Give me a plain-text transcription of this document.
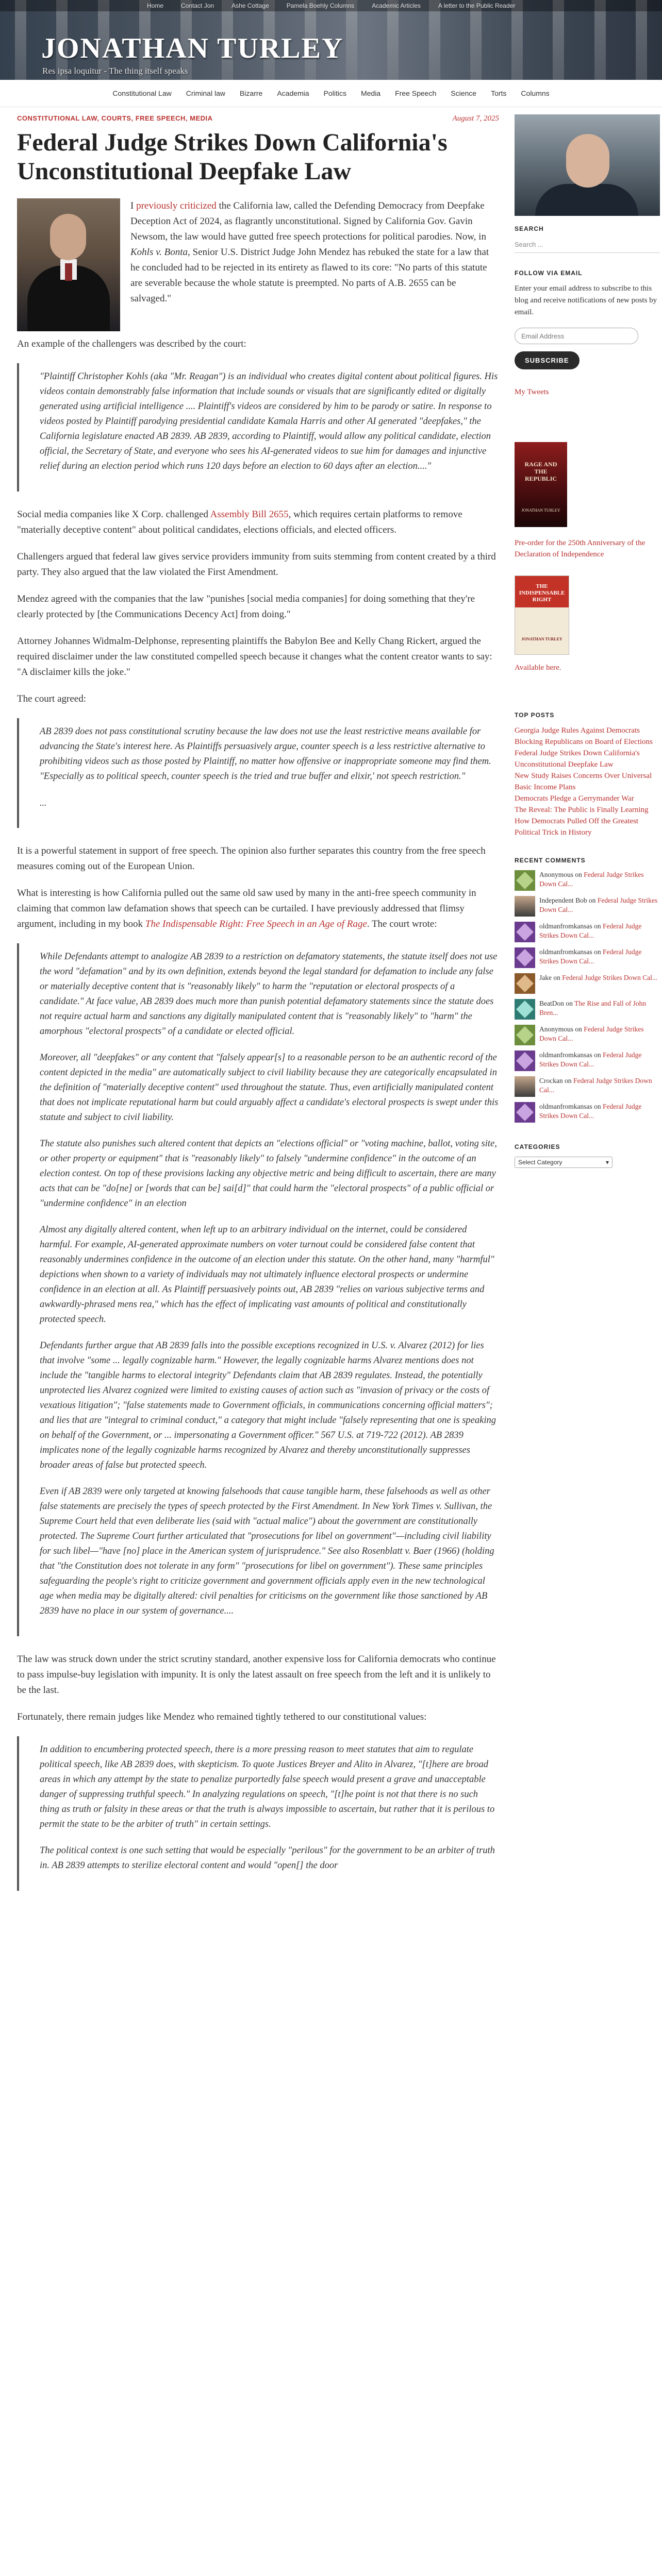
Home	Contact Jon	Ashe Cottage	Pamela Boehly Columns	Academic Articles	A letter to the Public Reader
JONATHAN TURLEY
Res ipsa loquitur - The thing itself speaks
Constitutional Law	Criminal law	Bizarre	Academia	Politics	Media	Free Speech	Science	Torts	Columns
CONSTITUTIONAL LAW, COURTS, FREE SPEECH, MEDIA	August 7, 2025
Federal Judge Strikes Down California's Unconstitutional Deepfake Law

I previously criticized the California law, called the Defending Democracy from Deepfake Deception Act of 2024, as flagrantly unconstitutional. Signed by California Gov. Gavin Newsom, the law would have gutted free speech protections for political parodies. Now, in Kohls v. Bonta, Senior U.S. District Judge John Mendez has rebuked the state for a law that he concluded had to be rejected in its entirety as flawed to its core: "No parts of this statute are severable because the whole statute is preempted. No parts of A.B. 2655 can be salvaged."

An example of the challengers was described by the court:

"Plaintiff Christopher Kohls (aka "Mr. Reagan") is an individual who creates digital content about political figures. His videos contain demonstrably false information that include sounds or visuals that are significantly edited or digitally generated using artificial intelligence .... Plaintiff's videos are considered by him to be parody or satire. In response to videos posted by Plaintiff parodying presidential candidate Kamala Harris and other AI generated "deepfakes," the California legislature enacted AB 2839. AB 2839, according to Plaintiff, would allow any political candidate, election official, the Secretary of State, and everyone who sees his AI-generated videos to sue him for damages and injunctive relief during an election period which runs 120 days before an election to 60 days after an election...."

Social media companies like X Corp. challenged Assembly Bill 2655, which requires certain platforms to remove "materially deceptive content" about political candidates, elections officials, and elected officers.

Challengers argued that federal law gives service providers immunity from suits stemming from content created by a third party. They also argued that the law violated the First Amendment.

Mendez agreed with the companies that the law "punishes [social media companies] for doing something that they're clearly protected by [the Communications Decency Act] from doing."

Attorney Johannes Widmalm-Delphonse, representing plaintiffs the Babylon Bee and Kelly Chang Rickert, argued the required disclaimer under the law constituted compelled speech because it changes what the content creator wants to say: "A disclaimer kills the joke."

The court agreed:

AB 2839 does not pass constitutional scrutiny because the law does not use the least restrictive means available for advancing the State's interest here. As Plaintiffs persuasively argue, counter speech is a less restrictive alternative to prohibiting videos such as those posted by Plaintiff, no matter how offensive or inappropriate someone may find them. "Especially as to political speech, counter speech is the tried and true buffer and elixir,' not speech restriction."

...

It is a powerful statement in support of free speech. The opinion also further separates this country from the free speech measures coming out of the European Union.

What is interesting is how California pulled out the same old saw used by many in the anti-free speech community in claiming that common law defamation shows that speech can be curtailed. I have previously addressed that flimsy argument, including in my book The Indispensable Right: Free Speech in an Age of Rage. The court wrote:

While Defendants attempt to analogize AB 2839 to a restriction on defamatory statements, the statute itself does not use the word "defamation" and by its own definition, extends beyond the legal standard for defamation to include any false or materially deceptive content that is "reasonably likely" to harm the "reputation or electoral prospects of a candidate." At face value, AB 2839 does much more than punish potential defamatory statements since the statute does not require actual harm and sanctions any digitally manipulated content that is "reasonably likely" to "harm" the amorphous "electoral prospects" of a candidate or elected official.

Moreover, all "deepfakes" or any content that "falsely appear[s] to a reasonable person to be an authentic record of the content depicted in the media" are automatically subject to civil liability because they are categorically encapsulated in the definition of "materially deceptive content" used throughout the statute. Thus, even artificially manipulated content that does not implicate reputational harm but could arguably affect a candidate's electoral prospects is swept under this statute and subject to civil liability.

The statute also punishes such altered content that depicts an "elections official" or "voting machine, ballot, voting site, or other property or equipment" that is "reasonably likely" to falsely "undermine confidence" in the outcome of an election contest. On top of these provisions lacking any objective metric and being difficult to ascertain, there are many acts that can be "do[ne] or [words that can be] sai[d]" that could harm the "electoral prospects" of a public official or "undermine confidence" in an election

Almost any digitally altered content, when left up to an arbitrary individual on the internet, could be considered harmful. For example, AI-generated approximate numbers on voter turnout could be considered false content that reasonably undermines confidence in the outcome of an election under this statute. On the other hand, many "harmful" depictions when shown to a variety of individuals may not ultimately influence electoral prospects or undermine confidence in an election at all. As Plaintiff persuasively points out, AB 2839 "relies on various subjective terms and awkwardly-phrased mens rea," which has the effect of implicating vast amounts of political and constitutionally protected speech.

Defendants further argue that AB 2839 falls into the possible exceptions recognized in U.S. v. Alvarez (2012) for lies that involve "some ... legally cognizable harm." However, the legally cognizable harms Alvarez mentions does not include the "tangible harms to electoral integrity" Defendants claim that AB 2839 regulates. Instead, the potentially unprotected lies Alvarez cognized were limited to existing causes of action such as "invasion of privacy or the costs of vexatious litigation"; "false statements made to Government officials, in communications concerning official matters"; and lies that are "integral to criminal conduct," a category that might include "falsely representing that one is speaking on behalf of the Government, or ... impersonating a Government officer." 567 U.S. at 719-722 (2012). AB 2839 implicates none of the legally cognizable harms recognized by Alvarez and thereby unconstitutionally suppresses broader areas of false but protected speech.

Even if AB 2839 were only targeted at knowing falsehoods that cause tangible harm, these falsehoods as well as other false statements are precisely the types of speech protected by the First Amendment. In New York Times v. Sullivan, the Supreme Court held that even deliberate lies (said with "actual malice") about the government are constitutionally protected. The Supreme Court further articulated that "prosecutions for libel on government"—including civil liability for such libel—"have [no] place in the American system of jurisprudence." See also Rosenblatt v. Baer (1966) (holding that "the Constitution does not tolerate in any form" "prosecutions for libel on government"). These same principles safeguarding the people's right to criticize government and government officials apply even in the new technological age when media may be digitally altered: civil penalties for criticisms on the government like those sanctioned by AB 2839 have no place in our system of governance....

The law was struck down under the strict scrutiny standard, another expensive loss for California democrats who continue to pass impulse-buy legislation with impunity. It is only the latest assault on free speech from the left and it is unlikely to be the last.

Fortunately, there remain judges like Mendez who remained tightly tethered to our constitutional values:

In addition to encumbering protected speech, there is a more pressing reason to meet statutes that aim to regulate political speech, like AB 2839 does, with skepticism. To quote Justices Breyer and Alito in Alvarez, "[t]here are broad areas in which any attempt by the state to penalize purportedly false speech would present a grave and unacceptable danger of suppressing truthful speech." In analyzing regulations on speech, "[t]he point is not that there is no such thing as truth or falsity in these areas or that the truth is always impossible to ascertain, but rather that it is perilous to permit the state to be the arbiter of truth" in certain settings.

The political context is one such setting that would be especially "perilous" for the government to be an arbiter of truth in. AB 2839 attempts to sterilize electoral content and would "open[] the door

SEARCH
Search ...
FOLLOW VIA EMAIL

Enter your email address to subscribe to this blog and receive notifications of new posts by email.

Email Address
SUBSCRIBE
My Tweets
RAGE AND THE REPUBLIC
JONATHAN TURLEY
Pre-order for the 250th Anniversary of the Declaration of Independence
THE INDISPENSABLE RIGHT
JONATHAN TURLEY
Available here.
TOP POSTS
Georgia Judge Rules Against Democrats Blocking Republicans on Board of Elections
Federal Judge Strikes Down California's Unconstitutional Deepfake Law
New Study Raises Concerns Over Universal Basic Income Plans
Democrats Pledge a Gerrymander War
The Reveal: The Public is Finally Learning How Democrats Pulled Off the Greatest Political Trick in History
RECENT COMMENTS
Anonymous on Federal Judge Strikes Down Cal...
Independent Bob on Federal Judge Strikes Down Cal...
oldmanfromkansas on Federal Judge Strikes Down Cal...
oldmanfromkansas on Federal Judge Strikes Down Cal...
Jake on Federal Judge Strikes Down Cal...
BeatDon on The Rise and Fall of John Bren...
Anonymous on Federal Judge Strikes Down Cal...
oldmanfromkansas on Federal Judge Strikes Down Cal...
Crockan on Federal Judge Strikes Down Cal...
oldmanfromkansas on Federal Judge Strikes Down Cal...
CATEGORIES
Select Category	▾
